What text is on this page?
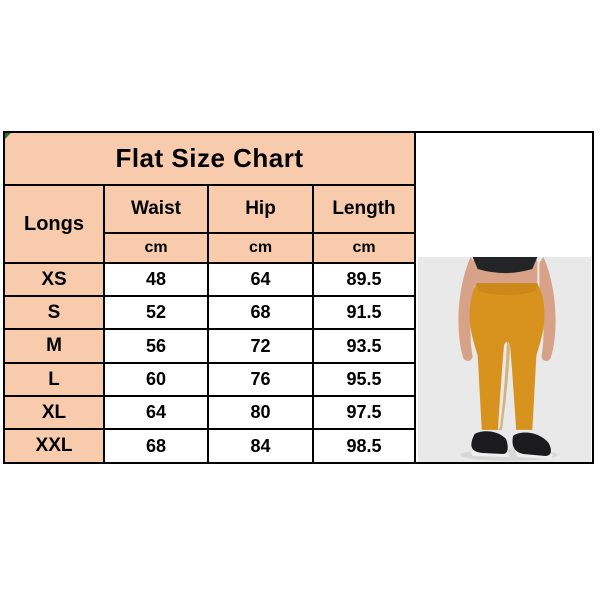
Flat Size Chart	

Longs	Waist	Hip	Length	
	cm	cm	cm	
XS	48	64	89.5	
S	52	68	91.5	
M	56	72	93.5	
L	60	76	95.5	
XL	64	80	97.5	
XXL	68	84	98.5	
